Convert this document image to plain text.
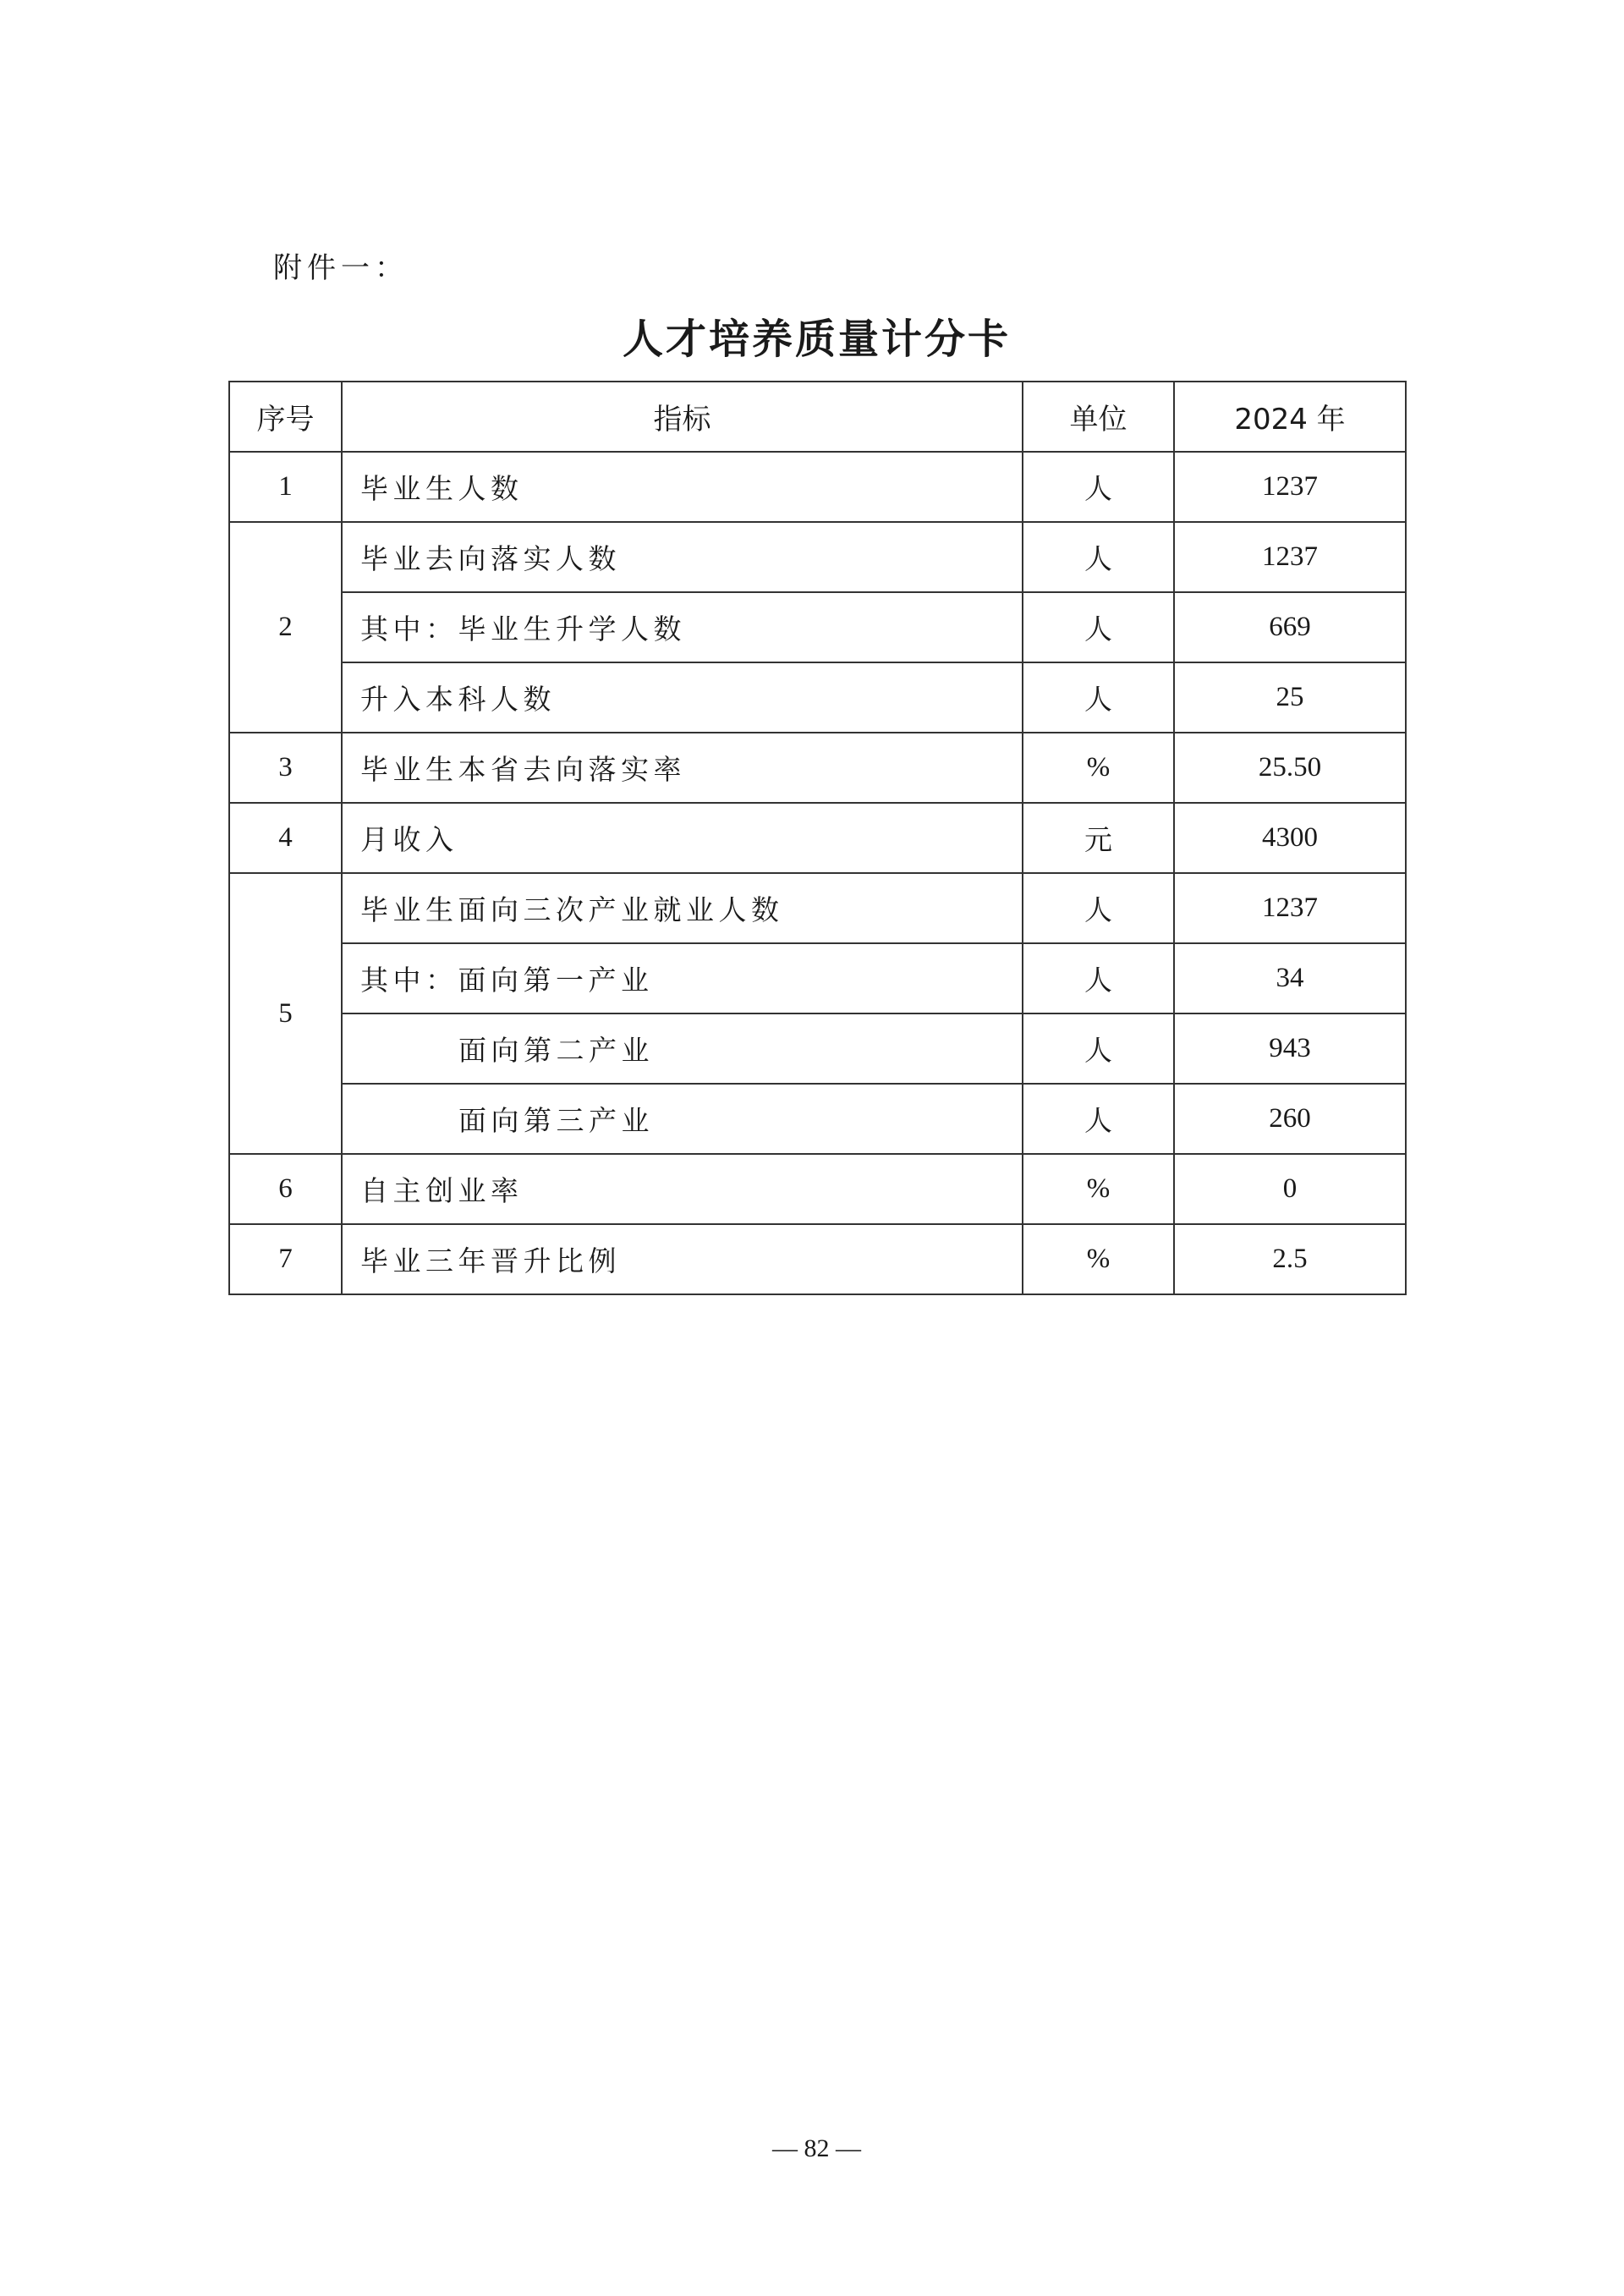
附件一：
人才培养质量计分卡
序号	指标	单位	2024 年
1	毕业生人数	人	1237
2	毕业去向落实人数	人	1237
	其中：毕业生升学人数	人	669
	升入本科人数	人	25
3	毕业生本省去向落实率	%	25.50
4	月收入	元	4300
5	毕业生面向三次产业就业人数	人	1237
	其中：面向第一产业	人	34
	面向第二产业	人	943
	面向第三产业	人	260
6	自主创业率	%	0
7	毕业三年晋升比例	%	2.5
— 82 —
